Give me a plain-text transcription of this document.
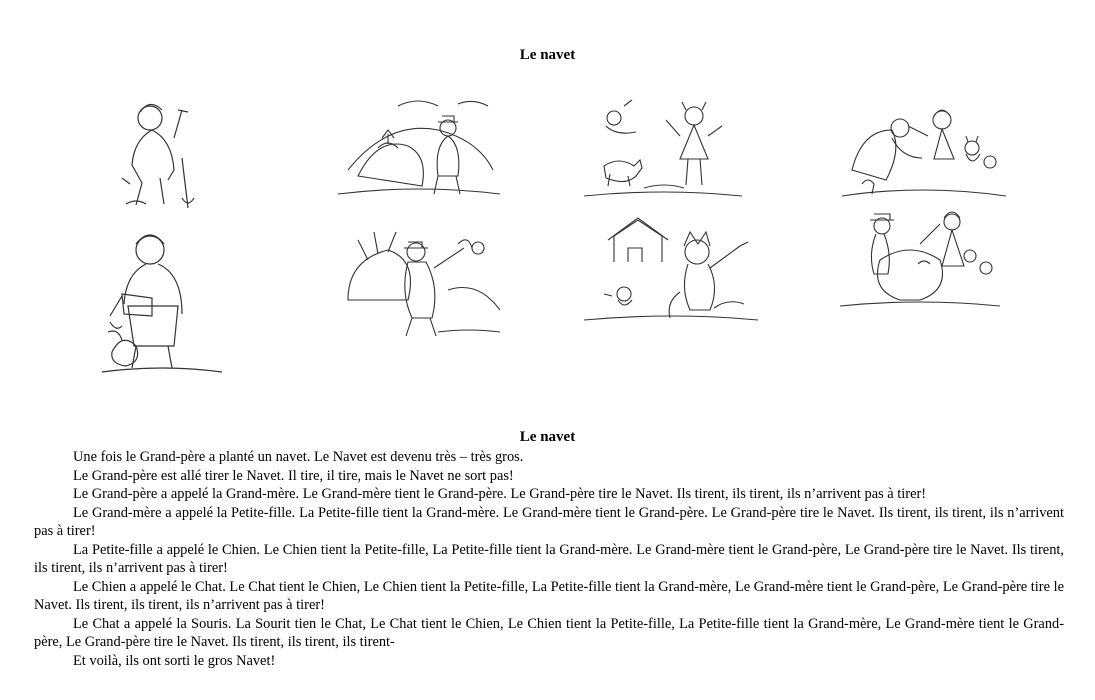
Le navet
Le navet

Une fois le Grand-père a planté un navet. Le Navet est devenu très – très gros.

Le Grand-père est allé tirer le Navet. Il tire, il tire, mais le Navet ne sort pas!

Le Grand-père a appelé la Grand-mère. Le Grand-mère tient le Grand-père. Le Grand-père tire le Navet. Ils tirent, ils tirent, ils n’arrivent pas à tirer!

Le Grand-mère a appelé la Petite-fille. La Petite-fille tient la Grand-mère. Le Grand-mère tient le Grand-père. Le Grand-père tire le Navet. Ils tirent, ils tirent, ils n’arrivent pas à tirer!

La Petite-fille a appelé le Chien. Le Chien tient la Petite-fille, La Petite-fille tient la Grand-mère. Le Grand-mère tient le Grand-père, Le Grand-père tire le Navet. Ils tirent, ils tirent, ils n’arrivent pas à tirer!

Le Chien a appelé le Chat. Le Chat tient le Chien, Le Chien tient la Petite-fille, La Petite-fille tient la Grand-mère, Le Grand-mère tient le Grand-père, Le Grand-père tire le Navet. Ils tirent, ils tirent, ils n’arrivent pas à tirer!

Le Chat a appelé la Souris. La Sourit tien le Chat, Le Chat tient le Chien, Le Chien tient la Petite-fille, La Petite-fille tient la Grand-mère, Le Grand-mère tient le Grand-père, Le Grand-père tire le Navet. Ils tirent, ils tirent, ils tirent-

Et voilà, ils ont sorti le gros Navet!
